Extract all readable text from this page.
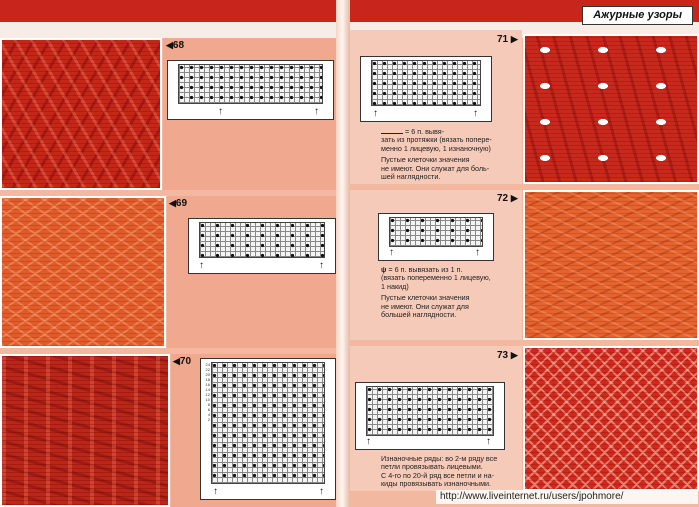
Ажурные узоры
◀68
↑	↑
◀69
↑	↑
◀70	24
22
20
18
16
14
12
10
8
6
4
2
↑	↑
71 ▶
↑	↑
= 6 п. вывя-
зать из протяжки (вязать попере-
менно 1 лицевую, 1 изнаночную)
Пустые клеточки значения
не имеют. Они служат для боль-
шей наглядности.
72 ▶
↑	↑
ψ = 6 п. вывязать из 1 п.
(вязать попеременно 1 лицевую,
1 накид)
Пустые клеточки значения
не имеют. Они служат для
большей наглядности.
73 ▶
↑	↑
Изнаночные ряды: во 2-м ряду все
петли провязывать лицевыми.
С 4-го по 20-й ряд все петли и на-
киды провязывать изнаночными.
http://www.liveinternet.ru/users/jpohmore/
